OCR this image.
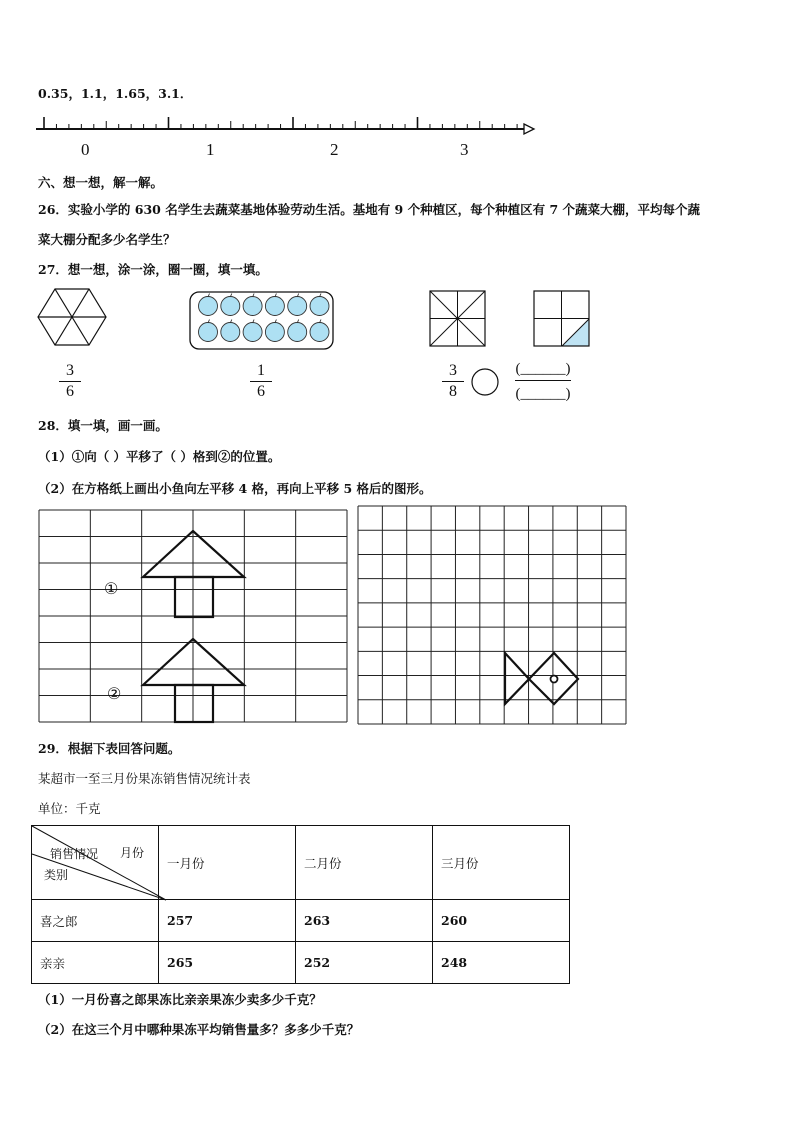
0.35，1.1，1.65，3.1．
0	1	2	3
六、想一想，解一解。
26．实验小学的 630 名学生去蔬菜基地体验劳动生活。基地有 9 个种植区，每个种植区有 7 个蔬菜大棚，平均每个蔬
菜大棚分配多少名学生？
27．想一想，涂一涂，圈一圈，填一填。
$\frac{3}{6}$	$\frac{1}{6}$	$\frac{3}{8}$	(______)
(______)
28．填一填，画一画。
（1）①向（ ）平移了（ ）格到②的位置。
（2）在方格纸上画出小鱼向左平移 4 格，再向上平移 5 格后的图形。
①
②
29．根据下表回答问题。
某超市一至三月份果冻销售情况统计表
单位：千克
月份
销售情况
类别	一月份	二月份	三月份
喜之郎	257	263	260
亲亲	265	252	248
（1）一月份喜之郎果冻比亲亲果冻少卖多少千克？
（2）在这三个月中哪种果冻平均销售量多？多多少千克？
